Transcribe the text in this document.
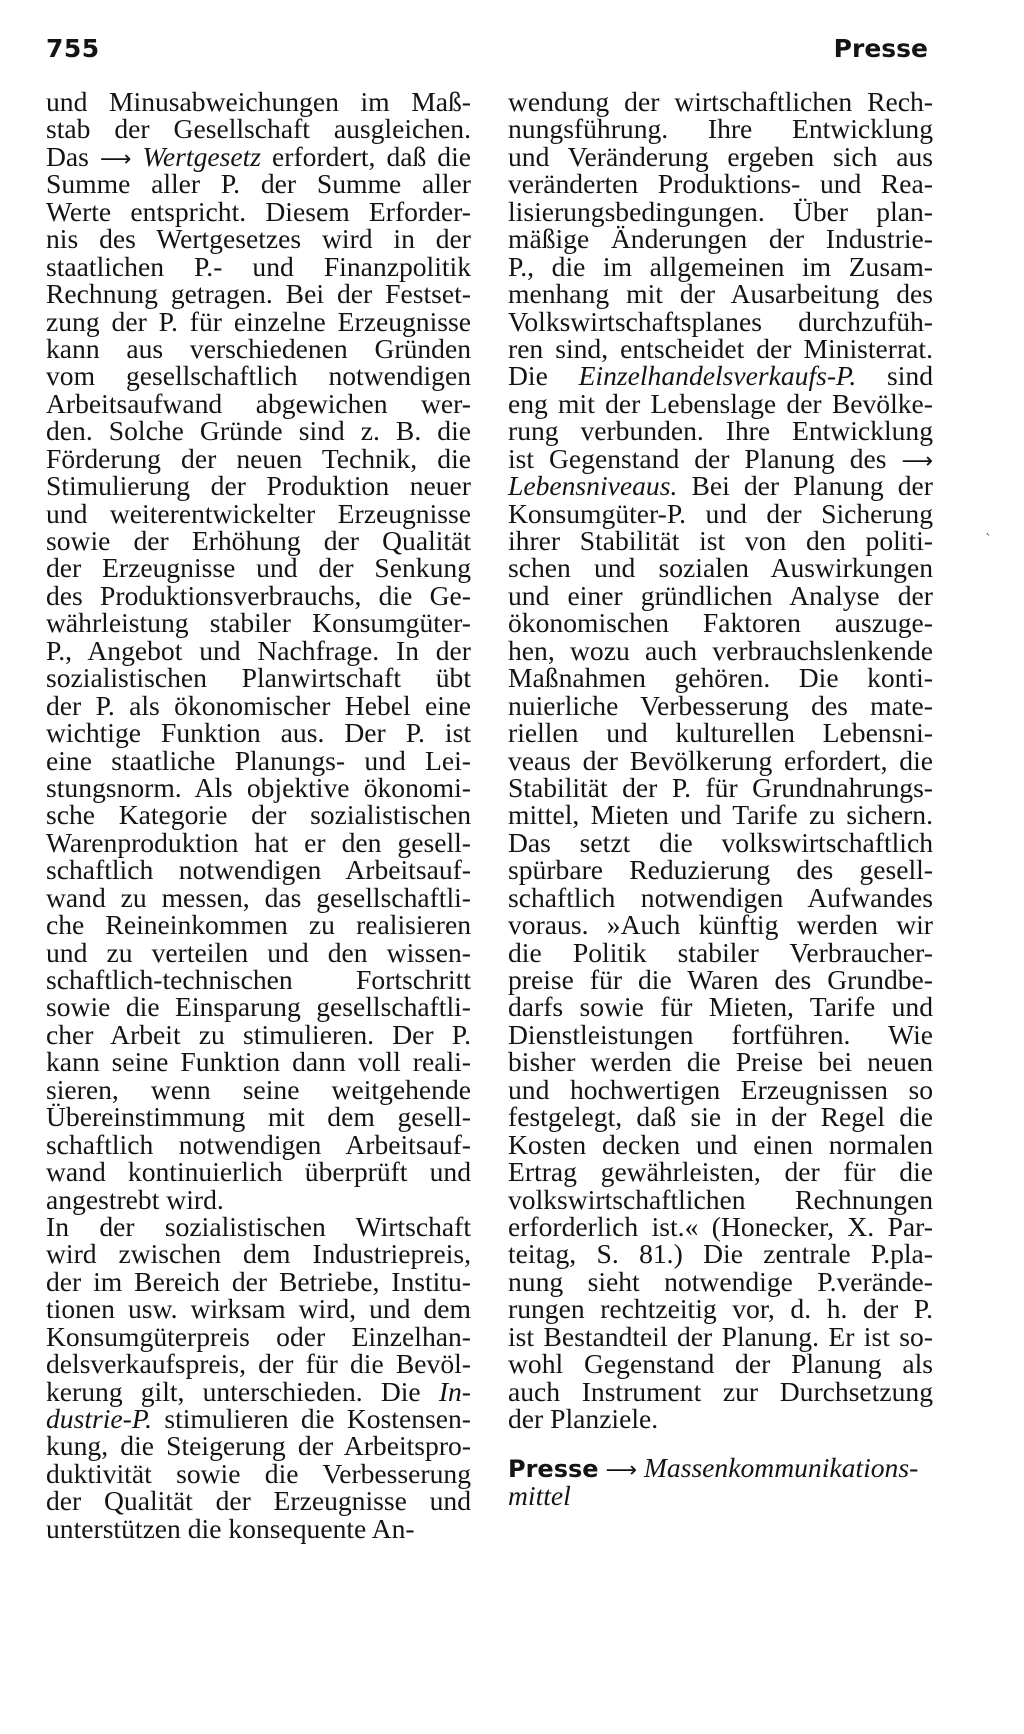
755	Presse
und Minusabweichungen im Maß-
stab der Gesellschaft ausgleichen.
Das ⟶ Wertgesetz erfordert, daß die
Summe aller P. der Summe aller
Werte entspricht. Diesem Erforder-
nis des Wertgesetzes wird in der
staatlichen P.- und Finanzpolitik
Rechnung getragen. Bei der Festset-
zung der P. für einzelne Erzeugnisse
kann aus verschiedenen Gründen
vom gesellschaftlich notwendigen
Arbeitsaufwand abgewichen wer-
den. Solche Gründe sind z. B. die
Förderung der neuen Technik, die
Stimulierung der Produktion neuer
und weiterentwickelter Erzeugnisse
sowie der Erhöhung der Qualität
der Erzeugnisse und der Senkung
des Produktionsverbrauchs, die Ge-
währleistung stabiler Konsumgüter-
P., Angebot und Nachfrage. In der
sozialistischen Planwirtschaft übt
der P. als ökonomischer Hebel eine
wichtige Funktion aus. Der P. ist
eine staatliche Planungs- und Lei-
stungsnorm. Als objektive ökonomi-
sche Kategorie der sozialistischen
Warenproduktion hat er den gesell-
schaftlich notwendigen Arbeitsauf-
wand zu messen, das gesellschaftli-
che Reineinkommen zu realisieren
und zu verteilen und den wissen-
schaftlich-technischen Fortschritt
sowie die Einsparung gesellschaftli-
cher Arbeit zu stimulieren. Der P.
kann seine Funktion dann voll reali-
sieren, wenn seine weitgehende
Übereinstimmung mit dem gesell-
schaftlich notwendigen Arbeitsauf-
wand kontinuierlich überprüft und
angestrebt wird.
In der sozialistischen Wirtschaft
wird zwischen dem Industriepreis,
der im Bereich der Betriebe, Institu-
tionen usw. wirksam wird, und dem
Konsumgüterpreis oder Einzelhan-
delsverkaufspreis, der für die Bevöl-
kerung gilt, unterschieden. Die In-
dustrie-P. stimulieren die Kostensen-
kung, die Steigerung der Arbeitspro-
duktivität sowie die Verbesserung
der Qualität der Erzeugnisse und
unterstützen die konsequente An-
wendung der wirtschaftlichen Rech-
nungsführung. Ihre Entwicklung
und Veränderung ergeben sich aus
veränderten Produktions- und Rea-
lisierungsbedingungen. Über plan-
mäßige Änderungen der Industrie-
P., die im allgemeinen im Zusam-
menhang mit der Ausarbeitung des
Volkswirtschaftsplanes durchzufüh-
ren sind, entscheidet der Ministerrat.
Die Einzelhandelsverkaufs-P. sind
eng mit der Lebenslage der Bevölke-
rung verbunden. Ihre Entwicklung
ist Gegenstand der Planung des ⟶
Lebensniveaus. Bei der Planung der
Konsumgüter-P. und der Sicherung
ihrer Stabilität ist von den politi-
schen und sozialen Auswirkungen
und einer gründlichen Analyse der
ökonomischen Faktoren auszuge-
hen, wozu auch verbrauchslenkende
Maßnahmen gehören. Die konti-
nuierliche Verbesserung des mate-
riellen und kulturellen Lebensni-
veaus der Bevölkerung erfordert, die
Stabilität der P. für Grundnahrungs-
mittel, Mieten und Tarife zu sichern.
Das setzt die volkswirtschaftlich
spürbare Reduzierung des gesell-
schaftlich notwendigen Aufwandes
voraus. »Auch künftig werden wir
die Politik stabiler Verbraucher-
preise für die Waren des Grundbe-
darfs sowie für Mieten, Tarife und
Dienstleistungen fortführen. Wie
bisher werden die Preise bei neuen
und hochwertigen Erzeugnissen so
festgelegt, daß sie in der Regel die
Kosten decken und einen normalen
Ertrag gewährleisten, der für die
volkswirtschaftlichen Rechnungen
erforderlich ist.« (Honecker, X. Par-
teitag, S. 81.) Die zentrale P.pla-
nung sieht notwendige P.verände-
rungen rechtzeitig vor, d. h. der P.
ist Bestandteil der Planung. Er ist so-
wohl Gegenstand der Planung als
auch Instrument zur Durchsetzung
der Planziele.
Presse ⟶ Massenkommunikations-
mittel
ˎ
